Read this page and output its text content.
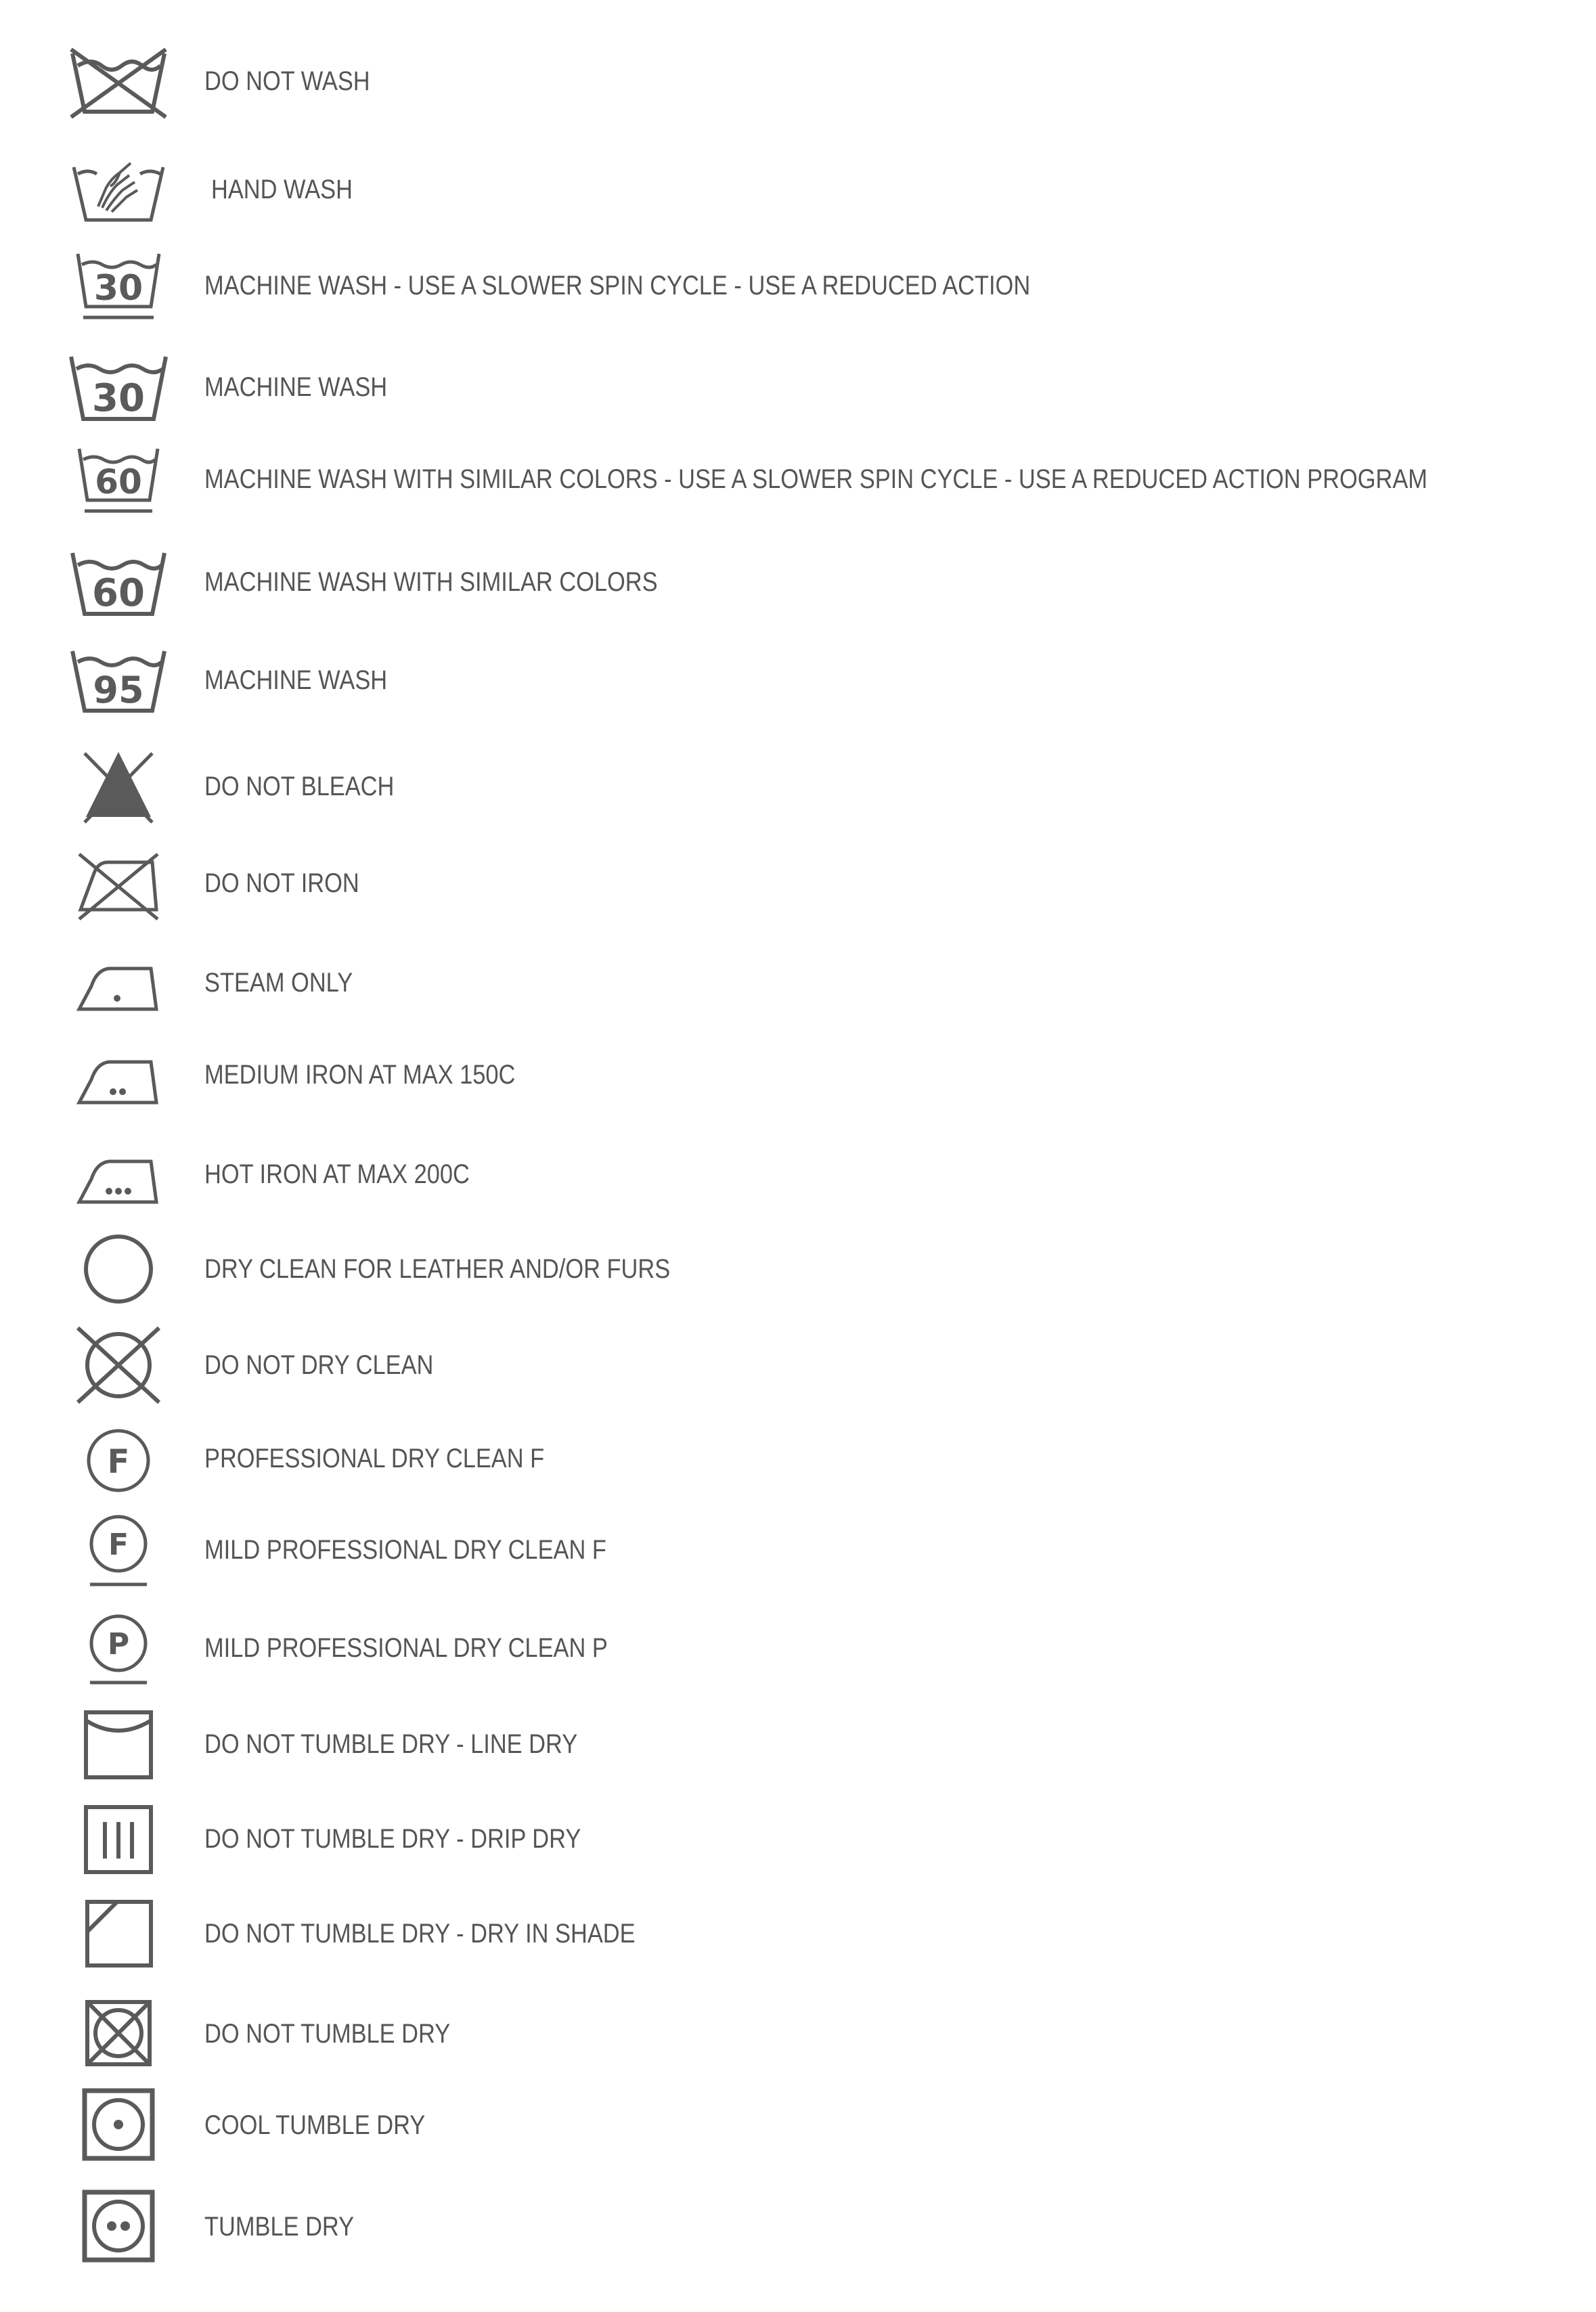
DO NOT WASH
HAND WASH
30 MACHINE WASH - USE A SLOWER SPIN CYCLE - USE A REDUCED ACTION
30 MACHINE WASH
60 MACHINE WASH WITH SIMILAR COLORS - USE A SLOWER SPIN CYCLE - USE A REDUCED ACTION PROGRAM
60 MACHINE WASH WITH SIMILAR COLORS
95 MACHINE WASH
DO NOT BLEACH
DO NOT IRON
STEAM ONLY
MEDIUM IRON AT MAX 150C
HOT IRON AT MAX 200C
DRY CLEAN FOR LEATHER AND/OR FURS
DO NOT DRY CLEAN
F	PROFESSIONAL DRY CLEAN F
F	MILD PROFESSIONAL DRY CLEAN F
P	MILD PROFESSIONAL DRY CLEAN P
DO NOT TUMBLE DRY - LINE DRY
DO NOT TUMBLE DRY - DRIP DRY
DO NOT TUMBLE DRY - DRY IN SHADE
DO NOT TUMBLE DRY
COOL TUMBLE DRY
TUMBLE DRY
